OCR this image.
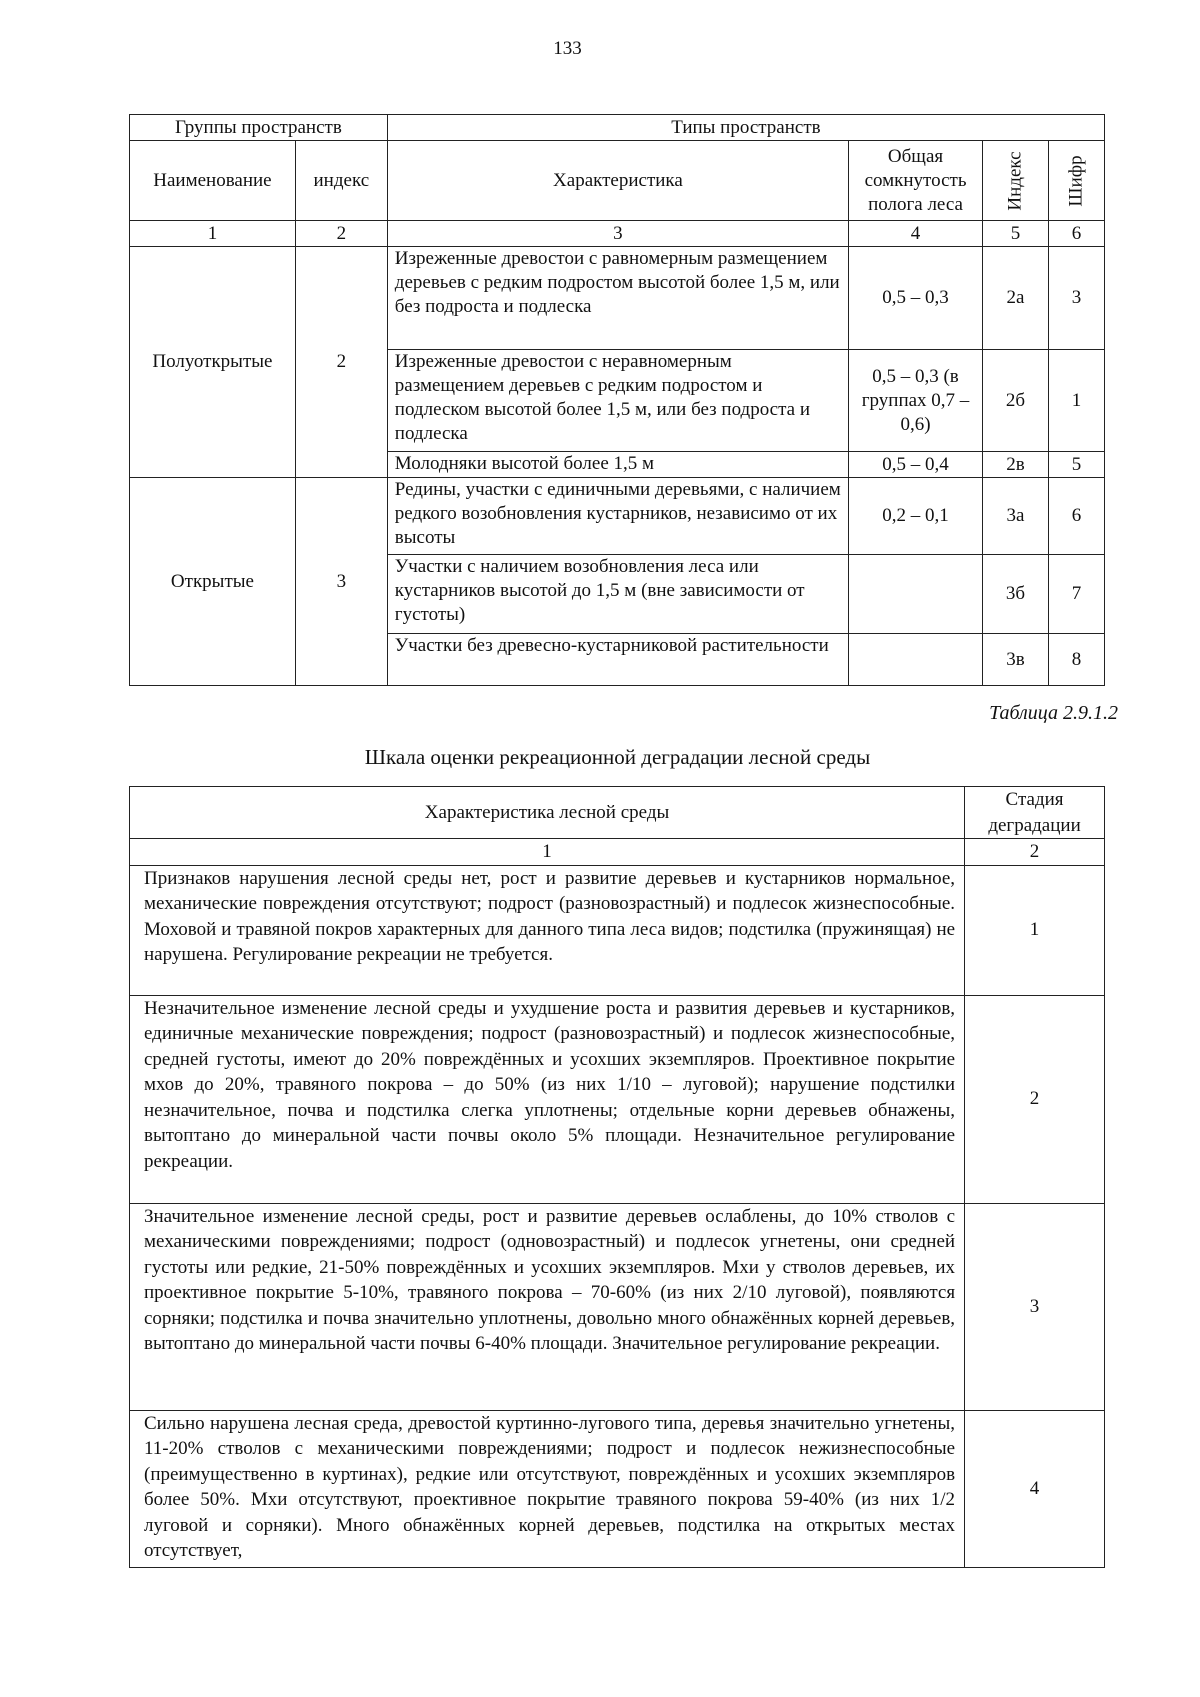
133
Группы пространств		Типы пространств			
Наименование	индекс	Характеристика	Общая сомкнутость полога леса	Индекс	Шифр

1	2	3	4	5	6
Полуоткрытые	2	Изреженные древостои с равномерным размещением деревьев с редким подростом высотой более 1,5 м, или без подроста и подлеска	0,5 – 0,3	2а	3
		Изреженные древостои с неравномерным размещением деревьев с редким подростом и подлеском высотой более 1,5 м, или без подроста и подлеска	0,5 – 0,3 (в группах 0,7 – 0,6)	2б	1
		Молодняки высотой более 1,5 м	0,5 – 0,4	2в	5
Открытые	3	Редины, участки с единичными деревьями, с наличием редкого возобновления кустарников, независимо от их высоты	0,2 – 0,1	3а	6
		Участки с наличием возобновления леса или кустарников высотой до 1,5 м (вне зависимости от густоты)		3б	7
		Участки без древесно-кустарниковой растительности		3в	8
Таблица 2.9.1.2
Шкала оценки рекреационной деградации лесной среды
Характеристика лесной среды	Стадия деградации
1	2
Признаков нарушения лесной среды нет, рост и развитие деревьев и кустарников нормальное, механические повреждения отсутствуют; подрост (разновозрастный) и подлесок жизнеспособные. Моховой и травяной покров характерных для данного типа леса видов; подстилка (пружинящая) не нарушена. Регулирование рекреации не требуется.	1
Незначительное изменение лесной среды и ухудшение роста и развития деревьев и кустарников, единичные механические повреждения; подрост (разновозрастный) и подлесок жизнеспособные, средней густоты, имеют до 20% повреждённых и усохших экземпляров. Проективное покрытие мхов до 20%, травяного покрова – до 50% (из них 1/10 – луговой); нарушение подстилки незначительное, почва и подстилка слегка уплотнены; отдельные корни деревьев обнажены, вытоптано до минеральной части почвы около 5% площади. Незначительное регулирование рекреации.	2
Значительное изменение лесной среды, рост и развитие деревьев ослаблены, до 10% стволов с механическими повреждениями; подрост (одновозрастный) и подлесок угнетены, они средней густоты или редкие, 21-50% повреждённых и усохших экземпляров. Мхи у стволов деревьев, их проективное покрытие 5-10%, травяного покрова – 70-60% (из них 2/10 луговой), появляются сорняки; подстилка и почва значительно уплотнены, довольно много обнажённых корней деревьев, вытоптано до минеральной части почвы 6-40% площади. Значительное регулирование рекреации.	3
Сильно нарушена лесная среда, древостой куртинно-лугового типа, деревья значительно угнетены, 11-20% стволов с механическими повреждениями; подрост и подлесок нежизнеспособные (преимущественно в куртинах), редкие или отсутствуют, повреждённых и усохших экземпляров более 50%. Мхи отсутствуют, проективное покрытие травяного покрова 59-40% (из них 1/2 луговой и сорняки). Много обнажённых корней деревьев, подстилка на открытых местах отсутствует,	4
